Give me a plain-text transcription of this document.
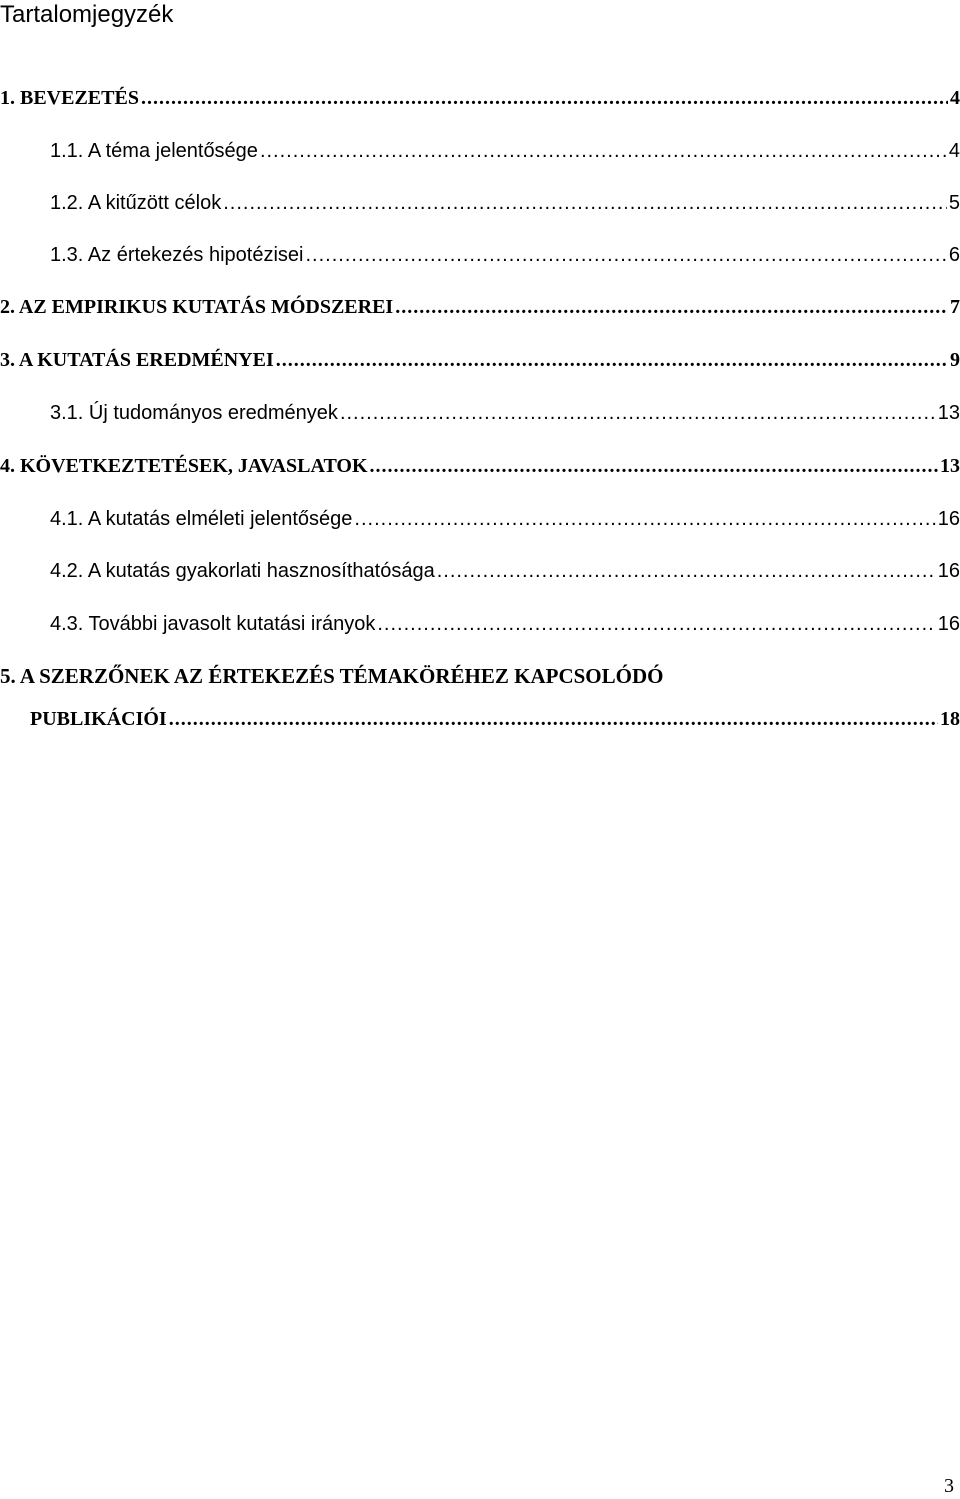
Tartalomjegyzék
1. BEVEZETÉS .....	4
1.1. A téma jelentősége .....	4
1.2. A kitűzött célok .....	5
1.3. Az értekezés hipotézisei .....	6
2. AZ EMPIRIKUS KUTATÁS MÓDSZEREI .....	7
3. A KUTATÁS EREDMÉNYEI .....	9
3.1. Új tudományos eredmények .....	13
4. KÖVETKEZTETÉSEK, JAVASLATOK .....	13
4.1. A kutatás elméleti jelentősége .....	16
4.2. A kutatás gyakorlati hasznosíthatósága .....	16
4.3. További javasolt kutatási irányok .....	16
5. A SZERZŐNEK AZ ÉRTEKEZÉS TÉMAKÖRÉHEZ KAPCSOLÓDÓ
PUBLIKÁCIÓI .....	18
3
